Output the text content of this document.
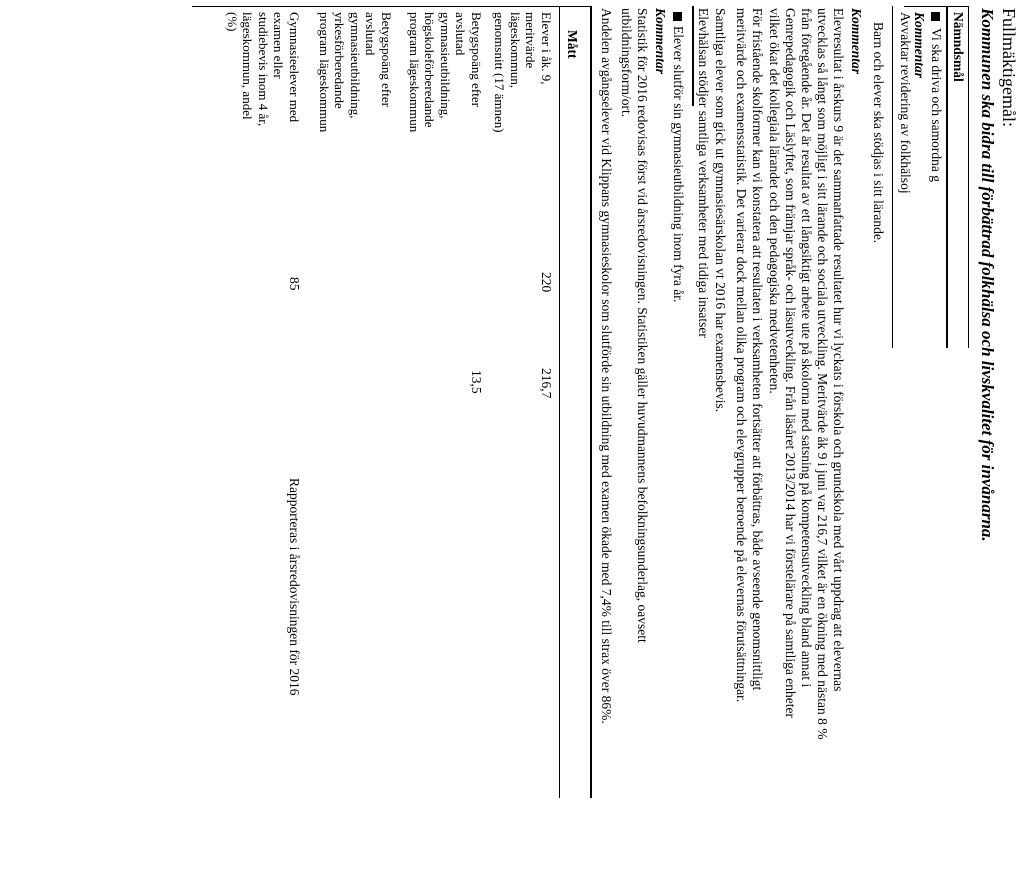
Fullmäktigemål:
Kommunen ska bidra till förbättrad folkhälsa och livskvalitet för invånarna.
Nämndsmål
Vi ska driva och samordna g
Kommentar
Avvaktar revidering av folkhälsoj
Barn och elever ska stödjas i sitt lärande.
Kommentar

Elevresultat i årskurs 9 är det sammanfattade resultatet hur vi lyckats i förskola och grundskola med vårt uppdrag att elevernas

utvecklas så långt som möjligt i sitt lärande och sociala utveckling. Meritvärde åk 9 i juni var 216,7 vilket är en ökning med nästan 8 %

från föregående år. Det är resultat av ett långsiktigt arbete ute på skolorna med satsning på kompetensutveckling bland annat i

Genrepedagogik och Läslyftet, som främjar språk- och läsutveckling. Från läsåret 2013/2014 har vi förstelärare på samtliga enheter

vilket ökat det kollegiala lärandet och den pedagogiska medvetenheten.

För fristående skolformer kan vi konstatera att resultaten i verksamheten fortsätter att förbättras, både avseende genomsnittligt

meritvärde och examensstatistik. Det varierar dock mellan olika program och elevgrupper beroende på elevernas förutsättningar.

Samtliga elever som gick ut gymnasiesärskolan vt 2016 har examensbevis.
Elevhälsan stödjer samtliga verksamheter med tidiga insatser
Elever slutför sin gymnasieutbildning inom fyra år.
Kommentar

Statistik för 2016 redovisas först vid årsredovisningen. Statistiken gäller huvudmannens befolkningsunderlag, oavsett

utbildningsform/ort.

Andelen avgångselever vid Klippans gymnasieskolor som slutförde sin utbildning med examen ökade med 7,4% till strax över 86%.
Mått
Elever i åk. 9,
meritvärde
lägeskommun,
genomsnitt (17 ämnen)
220
216,7
Betygspoäng efter
avslutad
gymnasieutbildning,
högskoleförberedande
program lägeskommun
13,5
Betygspoäng efter
avslutad
gymnasieutbildning,
yrkesförberedande
program lägeskommun
Gymnasieelever med
examen eller
studiebevis inom 4 år,
lägeskommun, andel
(%)
85
Rapporteras i årsredovisningen för 2016
